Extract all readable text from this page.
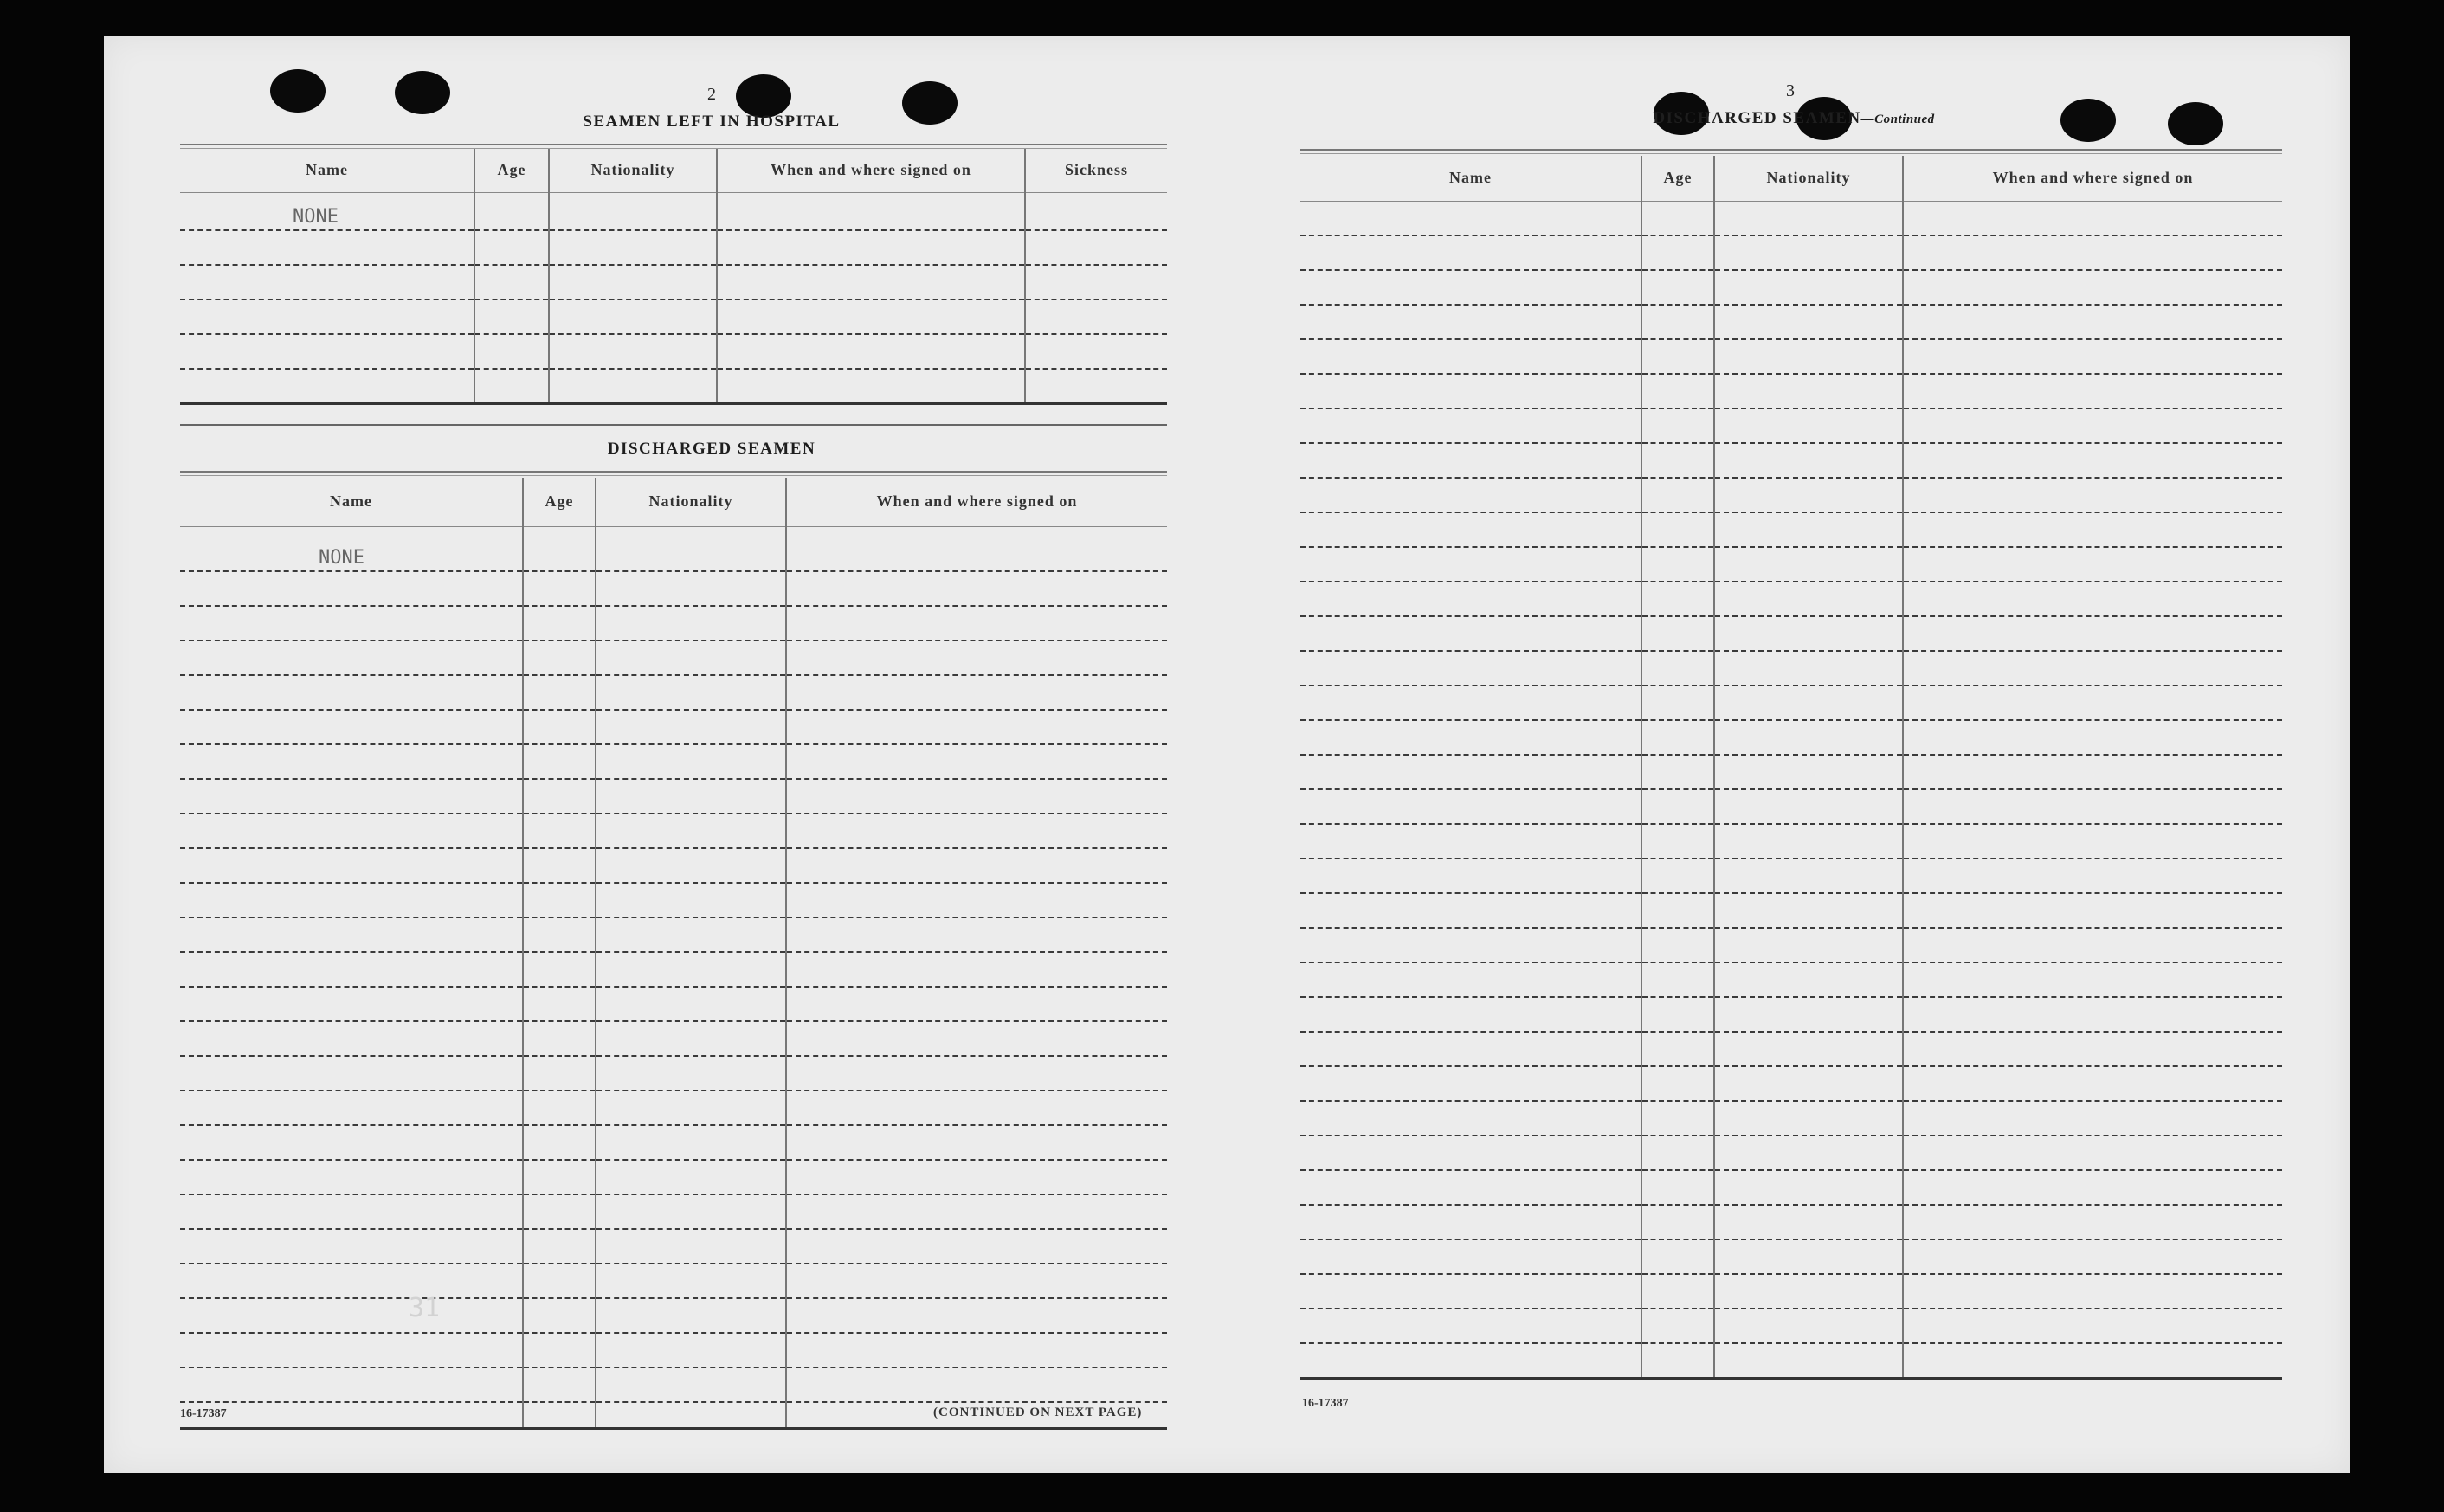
2
SEAMEN LEFT IN HOSPITAL
Name	Age	Nationality	When and where signed on	Sickness
NONE				

DISCHARGED SEAMEN
Name	Age	Nationality	When and where signed on
NONE			

31
16-17387	(CONTINUED ON NEXT PAGE)
3
DISCHARGED SEAMEN—Continued
Name	Age	Nationality	When and where signed on

16-17387
